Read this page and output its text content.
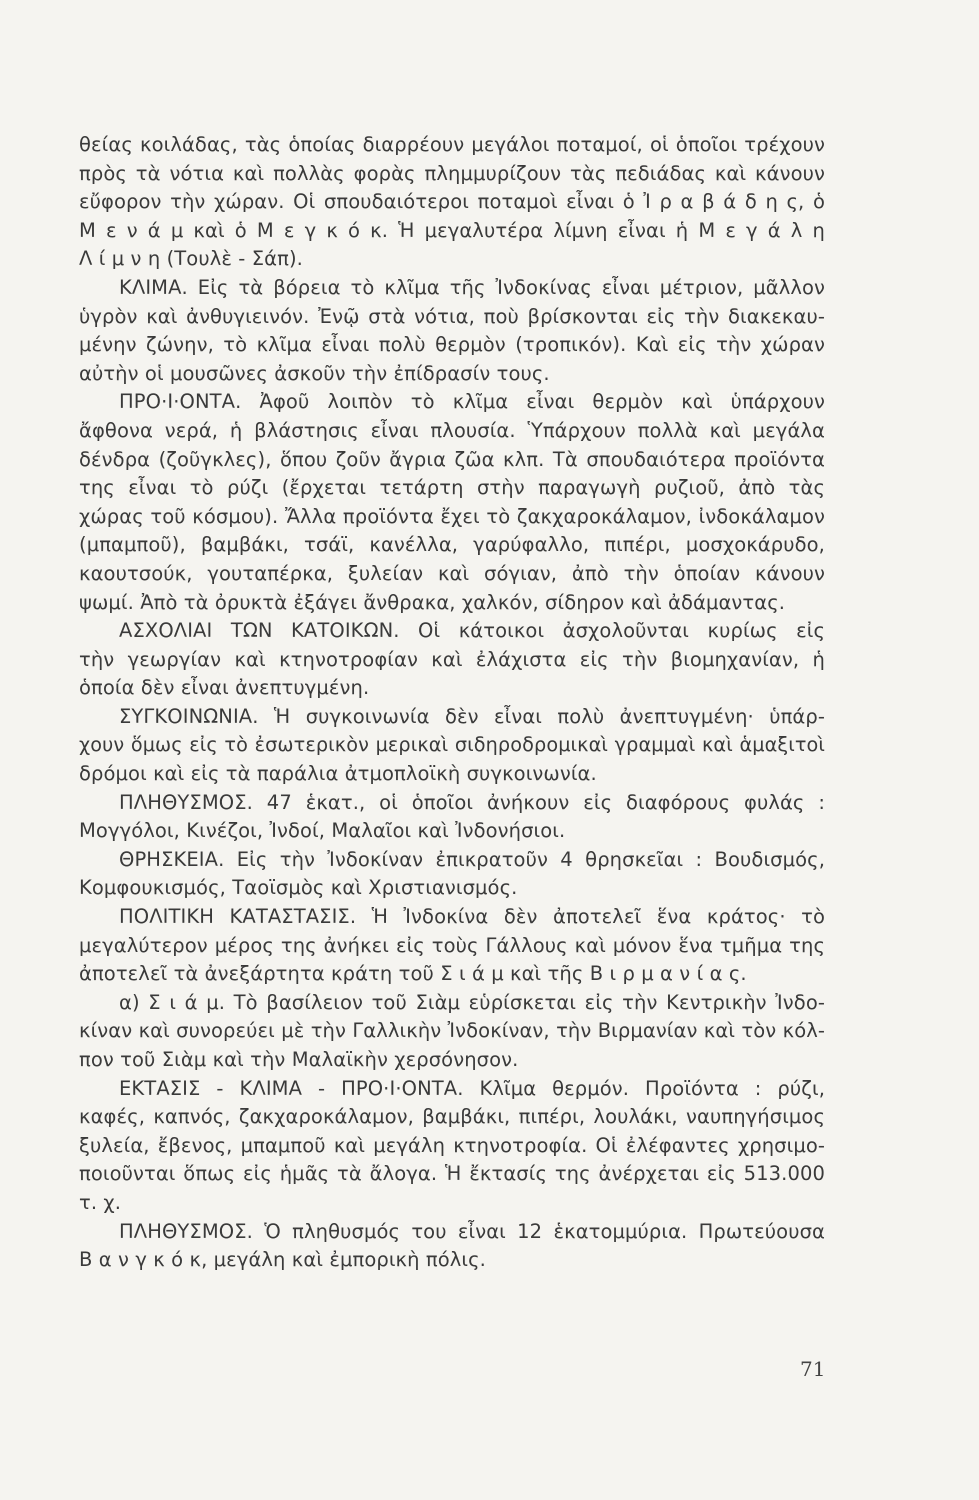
θείας κοιλάδας, τὰς ὁποίας διαρρέουν μεγάλοι ποταμοί, οἱ ὁποῖοι τρέχουν
πρὸς τὰ νότια καὶ πολλὰς φορὰς πλημμυρίζουν τὰς πεδιάδας καὶ κάνουν
εὔφορον τὴν χώραν. Οἱ σπουδαιότεροι ποταμοὶ εἶναι ὁ Ἰ ρ α β ά δ η ς, ὁ
Μ ε ν ά μ καὶ ὁ Μ ε γ κ ό κ. Ἡ μεγαλυτέρα λίμνη εἶναι ἡ Μ ε γ ά λ η
Λ ί μ ν η (Τουλὲ - Σάπ).
ΚΛΙΜΑ. Εἰς τὰ βόρεια τὸ κλῖμα τῆς Ἰνδοκίνας εἶναι μέτριον, μᾶλλον
ὑγρὸν καὶ ἀνθυγιεινόν. Ἐνῷ στὰ νότια, ποὺ βρίσκονται εἰς τὴν διακεκαυ-
μένην ζώνην, τὸ κλῖμα εἶναι πολὺ θερμὸν (τροπικόν). Καὶ εἰς τὴν χώραν
αὐτὴν οἱ μουσῶνες ἀσκοῦν τὴν ἐπίδρασίν τους.
ΠΡΟ·Ι·ΟΝΤΑ. Ἀφοῦ λοιπὸν τὸ κλῖμα εἶναι θερμὸν καὶ ὑπάρχουν
ἄφθονα νερά, ἡ βλάστησις εἶναι πλουσία. Ὑπάρχουν πολλὰ καὶ μεγάλα
δένδρα (ζοῦγκλες), ὅπου ζοῦν ἄγρια ζῶα κλπ. Τὰ σπουδαιότερα προϊόντα
της εἶναι τὸ ρύζι (ἔρχεται τετάρτη στὴν παραγωγὴ ρυζιοῦ, ἀπὸ τὰς
χώρας τοῦ κόσμου). Ἄλλα προϊόντα ἔχει τὸ ζακχαροκάλαμον, ἰνδοκάλαμον
(μπαμποῦ), βαμβάκι, τσάϊ, κανέλλα, γαρύφαλλο, πιπέρι, μοσχοκάρυδο,
καουτσούκ, γουταπέρκα, ξυλείαν καὶ σόγιαν, ἀπὸ τὴν ὁποίαν κάνουν
ψωμί. Ἀπὸ τὰ ὀρυκτὰ ἐξάγει ἄνθρακα, χαλκόν, σίδηρον καὶ ἀδάμαντας.
ΑΣΧΟΛΙΑΙ ΤΩΝ ΚΑΤΟΙΚΩΝ. Οἱ κάτοικοι ἀσχολοῦνται κυρίως εἰς
τὴν γεωργίαν καὶ κτηνοτροφίαν καὶ ἐλάχιστα εἰς τὴν βιομηχανίαν, ἡ
ὁποία δὲν εἶναι ἀνεπτυγμένη.
ΣΥΓΚΟΙΝΩΝΙΑ. Ἡ συγκοινωνία δὲν εἶναι πολὺ ἀνεπτυγμένη· ὑπάρ-
χουν ὅμως εἰς τὸ ἐσωτερικὸν μερικαὶ σιδηροδρομικαὶ γραμμαὶ καὶ ἁμαξιτοὶ
δρόμοι καὶ εἰς τὰ παράλια ἀτμοπλοϊκὴ συγκοινωνία.
ΠΛΗΘΥΣΜΟΣ. 47 ἑκατ., οἱ ὁποῖοι ἀνήκουν εἰς διαφόρους φυλάς :
Μογγόλοι, Κινέζοι, Ἰνδοί, Μαλαῖοι καὶ Ἰνδονήσιοι.
ΘΡΗΣΚΕΙΑ. Εἰς τὴν Ἰνδοκίναν ἐπικρατοῦν 4 θρησκεῖαι : Βουδισμός,
Κομφουκισμός, Ταοϊσμὸς καὶ Χριστιανισμός.
ΠΟΛΙΤΙΚΗ ΚΑΤΑΣΤΑΣΙΣ. Ἡ Ἰνδοκίνα δὲν ἀποτελεῖ ἕνα κράτος· τὸ
μεγαλύτερον μέρος της ἀνήκει εἰς τοὺς Γάλλους καὶ μόνον ἕνα τμῆμα της
ἀποτελεῖ τὰ ἀνεξάρτητα κράτη τοῦ Σ ι ά μ καὶ τῆς Β ι ρ μ α ν ί α ς.
α) Σ ι ά μ. Τὸ βασίλειον τοῦ Σιὰμ εὑρίσκεται εἰς τὴν Κεντρικὴν Ἰνδο-
κίναν καὶ συνορεύει μὲ τὴν Γαλλικὴν Ἰνδοκίναν, τὴν Βιρμανίαν καὶ τὸν κόλ-
πον τοῦ Σιὰμ καὶ τὴν Μαλαϊκὴν χερσόνησον.
ΕΚΤΑΣΙΣ - ΚΛΙΜΑ - ΠΡΟ·Ι·ΟΝΤΑ. Κλῖμα θερμόν. Προϊόντα : ρύζι,
καφές, καπνός, ζακχαροκάλαμον, βαμβάκι, πιπέρι, λουλάκι, ναυπηγήσιμος
ξυλεία, ἔβενος, μπαμποῦ καὶ μεγάλη κτηνοτροφία. Οἱ ἐλέφαντες χρησιμο-
ποιοῦνται ὅπως εἰς ἡμᾶς τὰ ἄλογα. Ἡ ἔκτασίς της ἀνέρχεται εἰς 513.000
τ. χ.
ΠΛΗΘΥΣΜΟΣ. Ὁ πληθυσμός του εἶναι 12 ἑκατομμύρια. Πρωτεύουσα
Β α ν γ κ ό κ, μεγάλη καὶ ἐμπορικὴ πόλις.
71
